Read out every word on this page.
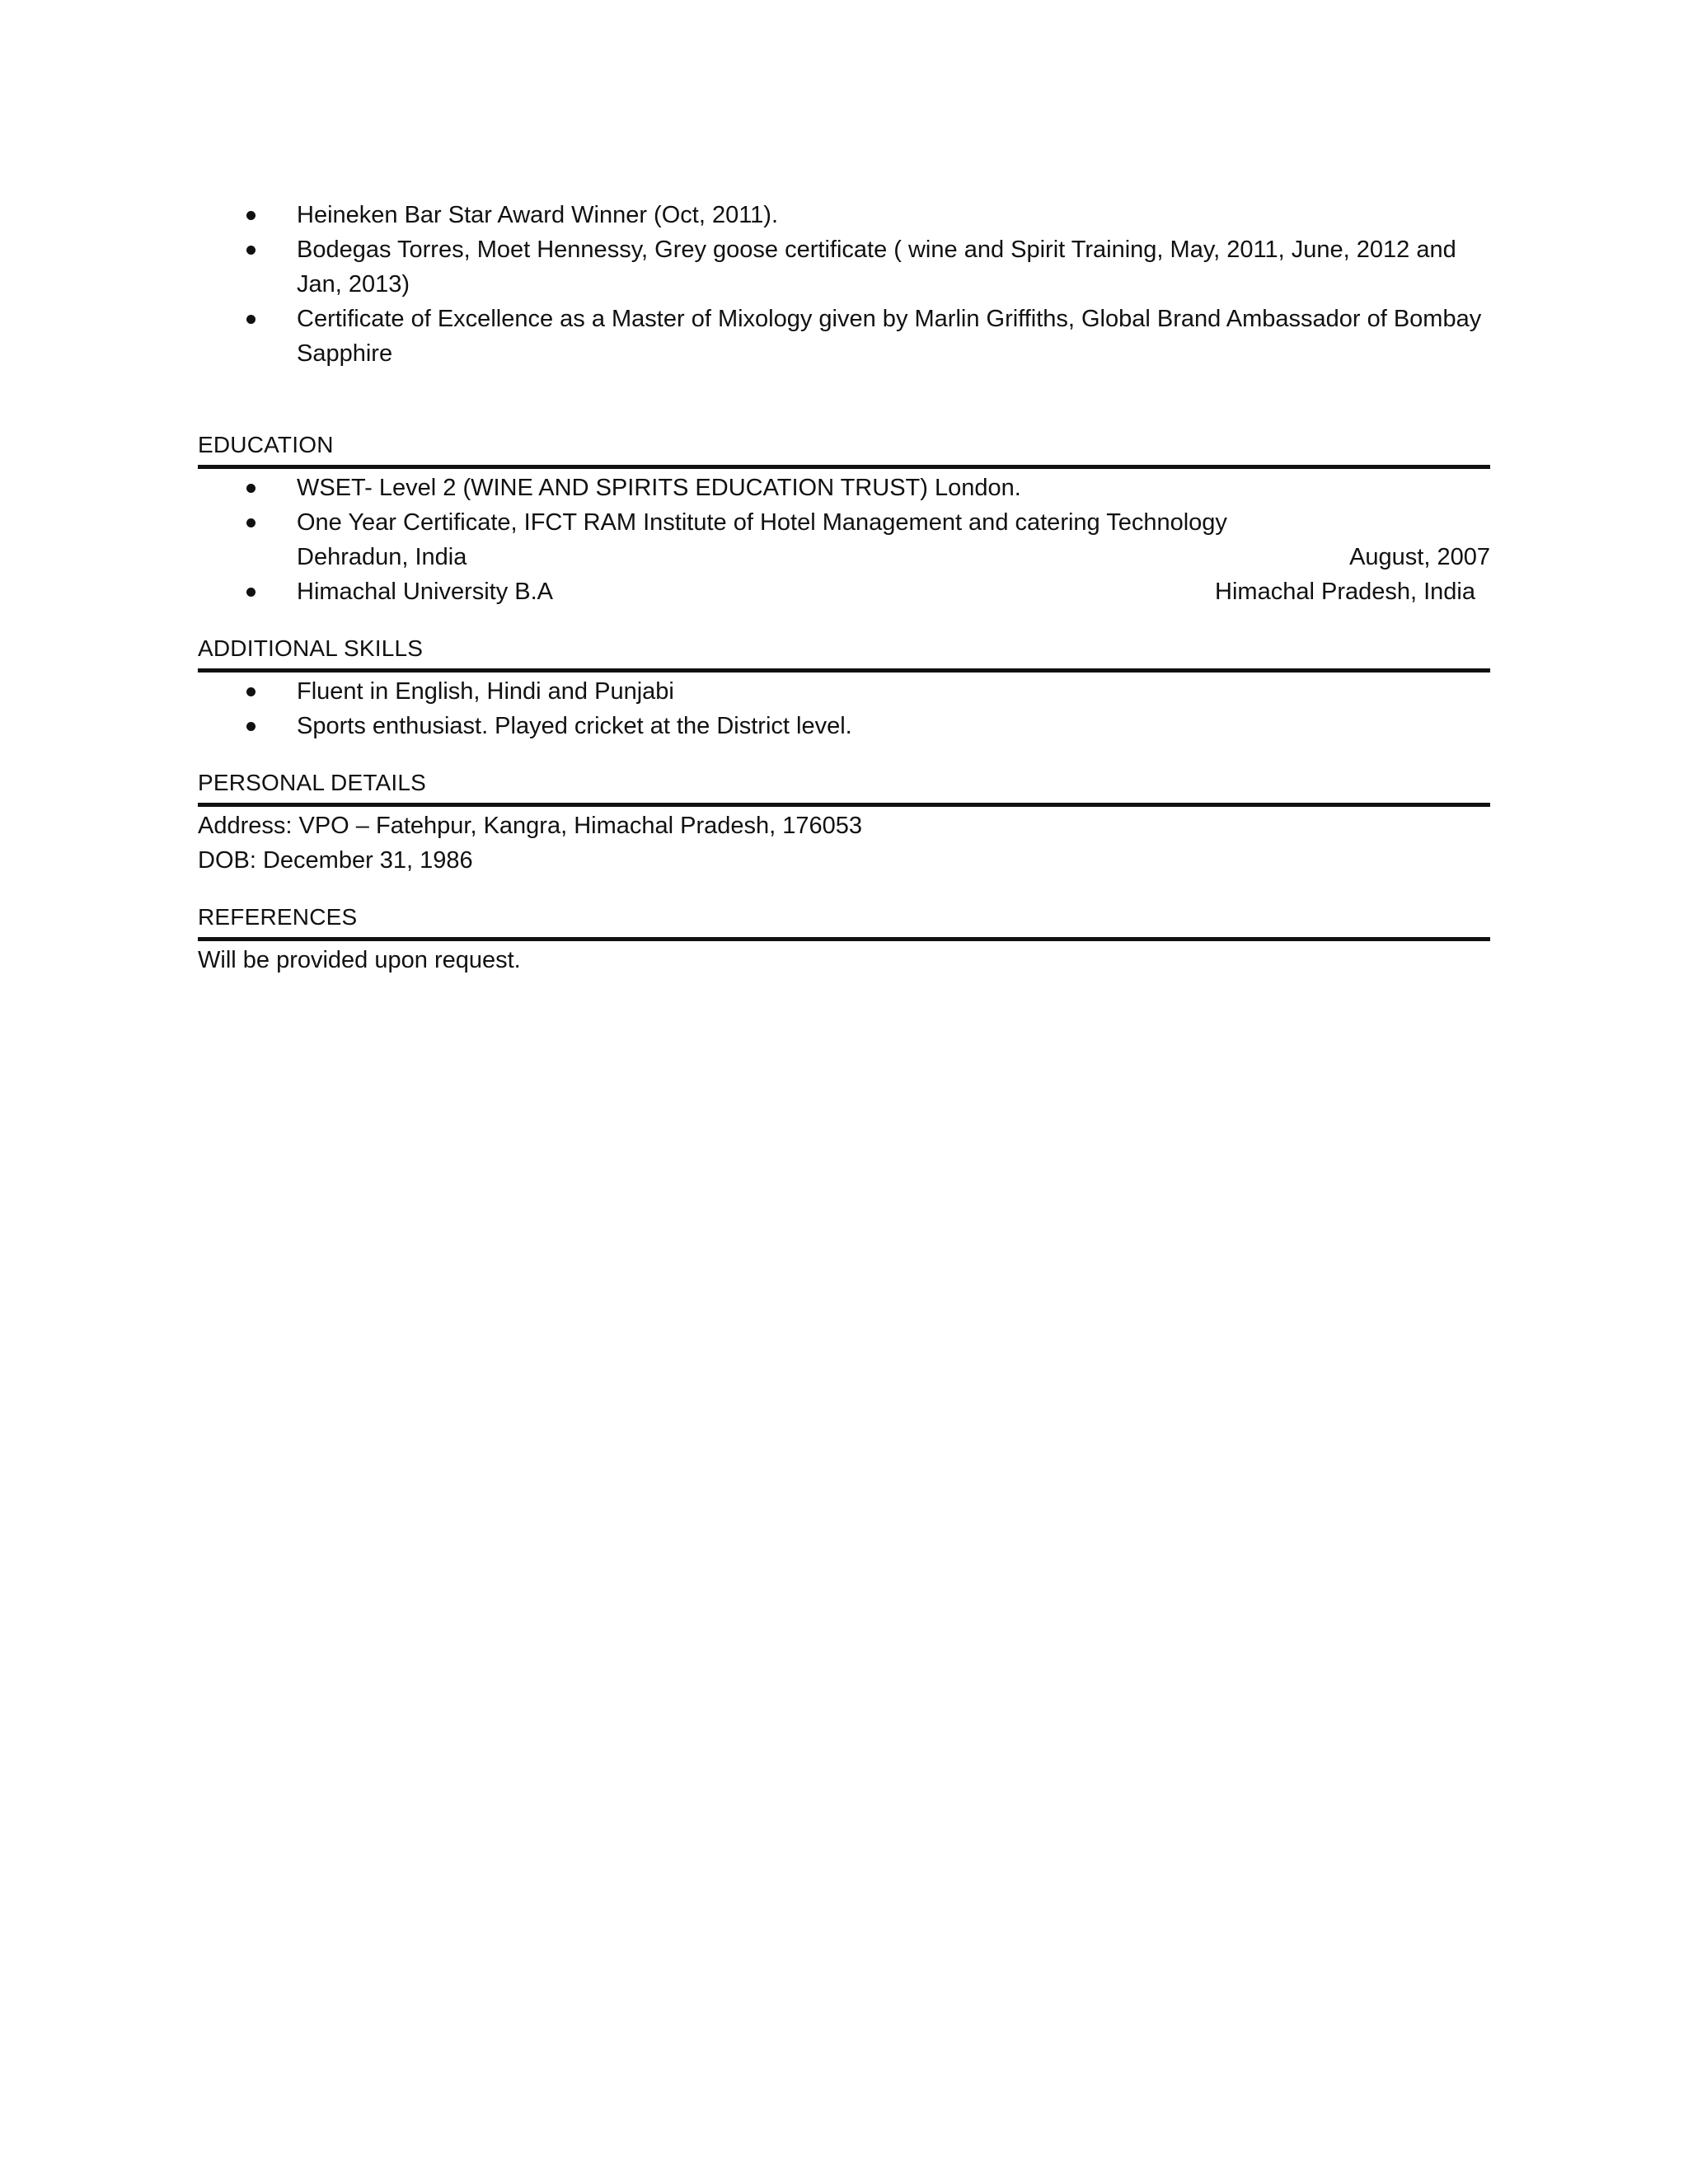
Heineken Bar Star Award Winner (Oct, 2011).
Bodegas Torres, Moet Hennessy, Grey goose certificate ( wine and Spirit Training, May, 2011, June, 2012 and Jan, 2013)
Certificate of Excellence as a Master of Mixology given by Marlin Griffiths, Global Brand Ambassador of Bombay Sapphire
EDUCATION
WSET- Level 2 (WINE AND SPIRITS EDUCATION TRUST) London.
One Year Certificate, IFCT RAM Institute of Hotel Management and catering Technology
Dehradun, India	August, 2007
Himachal University B.A	Himachal Pradesh, India
ADDITIONAL SKILLS
Fluent in English, Hindi and Punjabi
Sports enthusiast. Played cricket at the District level.
PERSONAL DETAILS

Address: VPO – Fatehpur, Kangra, Himachal Pradesh, 176053

DOB: December 31, 1986

REFERENCES

Will be provided upon request.
